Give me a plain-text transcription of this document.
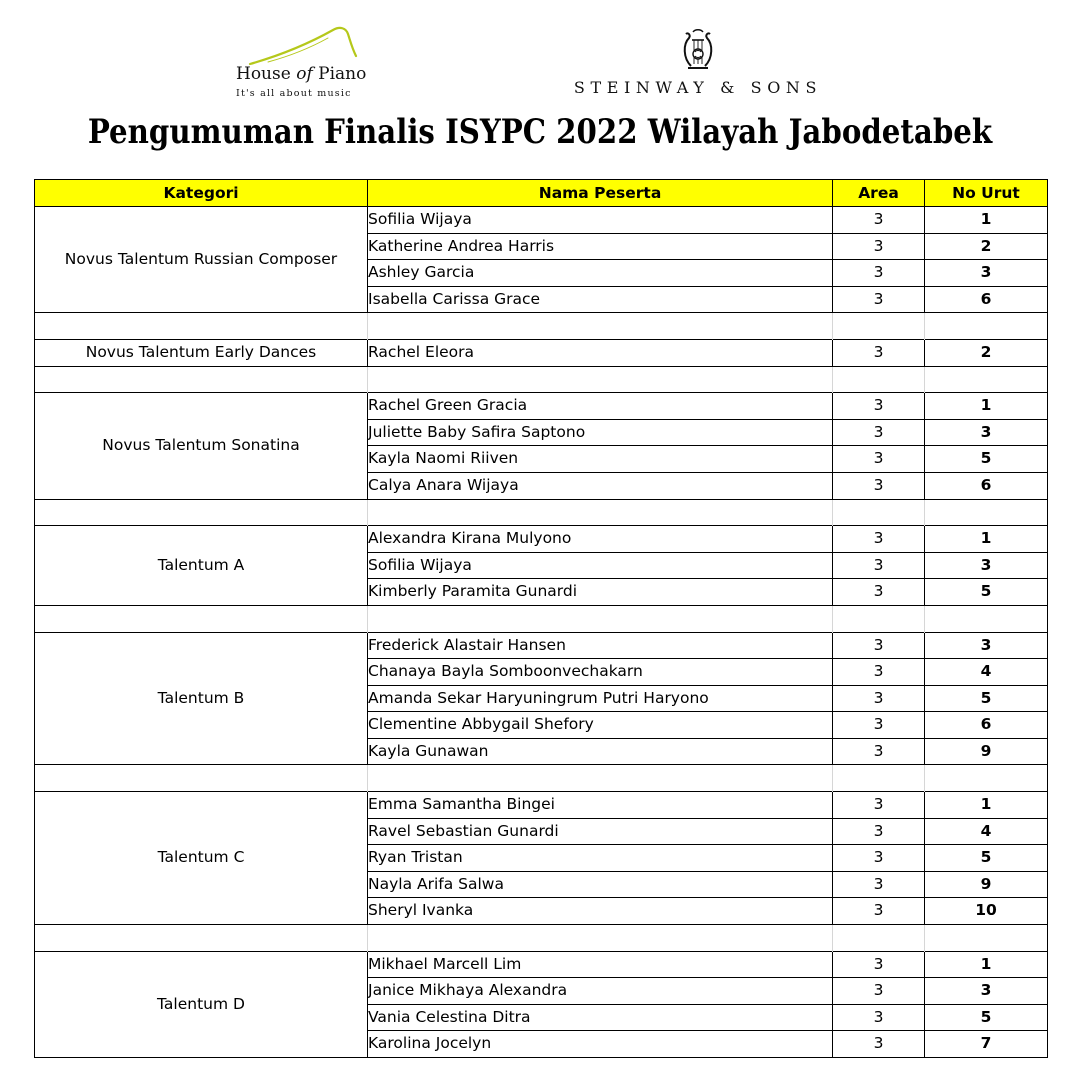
House of Piano
It's all about music	STEINWAY & SONS
Pengumuman Finalis ISYPC 2022 Wilayah Jabodetabek
Kategori	Nama Peserta	Area	No Urut
Novus Talentum Russian Composer	Sofilia Wijaya	3	1
	Katherine Andrea Harris	3	2
	Ashley Garcia	3	3
	Isabella Carissa Grace	3	6

Novus Talentum Early Dances	Rachel Eleora	3	2

Novus Talentum Sonatina	Rachel Green Gracia	3	1
	Juliette Baby Safira Saptono	3	3
	Kayla Naomi Riiven	3	5
	Calya Anara Wijaya	3	6

Talentum A	Alexandra Kirana Mulyono	3	1
	Sofilia Wijaya	3	3
	Kimberly Paramita Gunardi	3	5

Talentum B	Frederick Alastair Hansen	3	3
	Chanaya Bayla Somboonvechakarn	3	4
	Amanda Sekar Haryuningrum Putri Haryono	3	5
	Clementine Abbygail Shefory	3	6
	Kayla Gunawan	3	9

Talentum C	Emma Samantha Bingei	3	1
	Ravel Sebastian Gunardi	3	4
	Ryan Tristan	3	5
	Nayla Arifa Salwa	3	9
	Sheryl Ivanka	3	10

Talentum D	Mikhael Marcell Lim	3	1
	Janice Mikhaya Alexandra	3	3
	Vania Celestina Ditra	3	5
	Karolina Jocelyn	3	7
